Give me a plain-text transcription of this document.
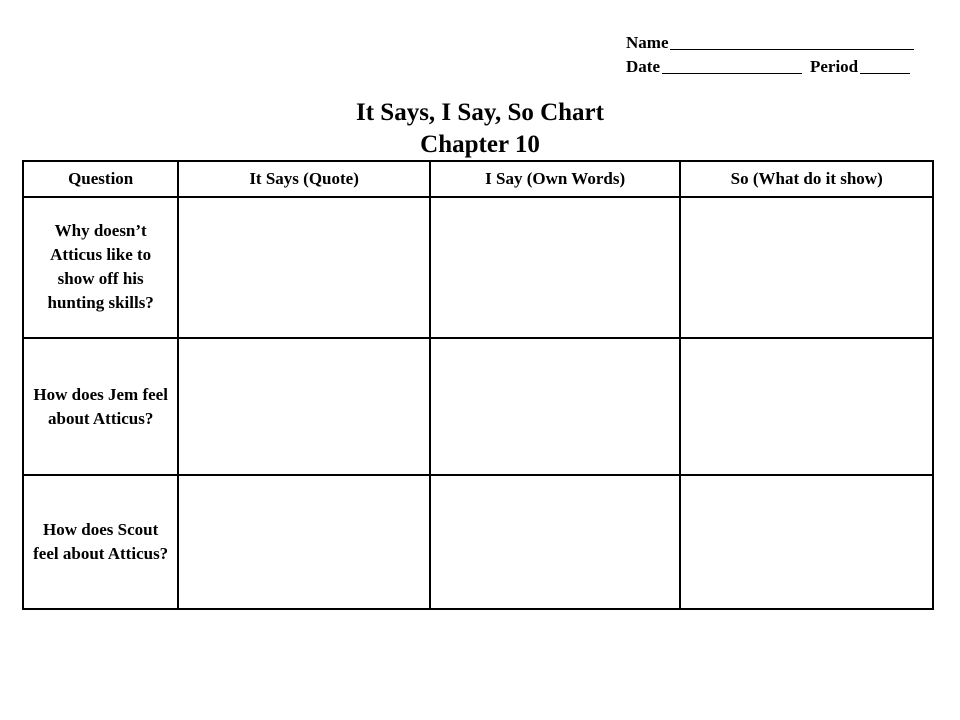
Name
Date	Period
It Says, I Say, So Chart
Chapter 10
Question	It Says (Quote)	I Say (Own Words)	So (What do it show)
Why doesn’t Atticus like to show off his hunting skills?			
How does Jem feel about Atticus?			
How does Scout feel about Atticus?			
